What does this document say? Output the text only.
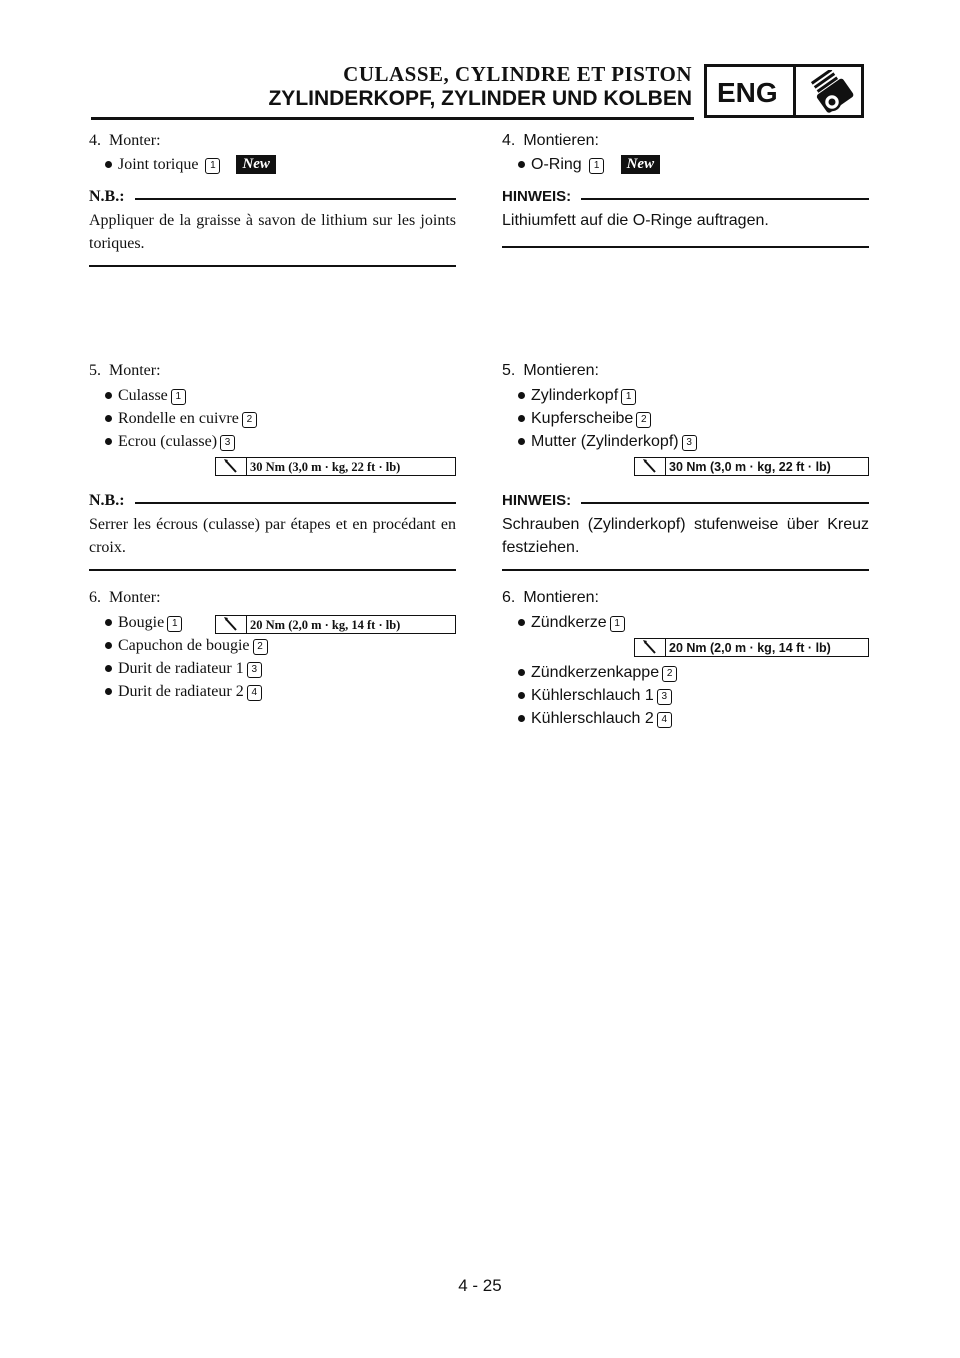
CULASSE, CYLINDRE ET PISTON
ZYLINDERKOPF, ZYLINDER UND KOLBEN ENG
4. Monter:
Joint torique 1 New
N.B.:
Appliquer de la graisse à savon de lithium sur les joints toriques.
5. Monter:
Culasse 1
Rondelle en cuivre 2
Ecrou (culasse) 3
30 Nm (3,0 m · kg, 22 ft · lb)
N.B.:
Serrer les écrous (culasse) par étapes et en procédant en croix.
6. Monter:
Bougie 1	20 Nm (2,0 m · kg, 14 ft · lb)
Capuchon de bougie 2
Durit de radiateur 1 3
Durit de radiateur 2 4
4. Montieren:
O-Ring 1 New
HINWEIS:
Lithiumfett auf die O-Ringe auftragen.
5. Montieren:
Zylinderkopf 1
Kupferscheibe 2
Mutter (Zylinderkopf) 3
30 Nm (3,0 m · kg, 22 ft · lb)
HINWEIS:
Schrauben (Zylinderkopf) stufenweise über Kreuz festziehen.
6. Montieren:
Zündkerze 1
20 Nm (2,0 m · kg, 14 ft · lb)
Zündkerzenkappe 2
Kühlerschlauch 1 3
Kühlerschlauch 2 4
4 - 25
